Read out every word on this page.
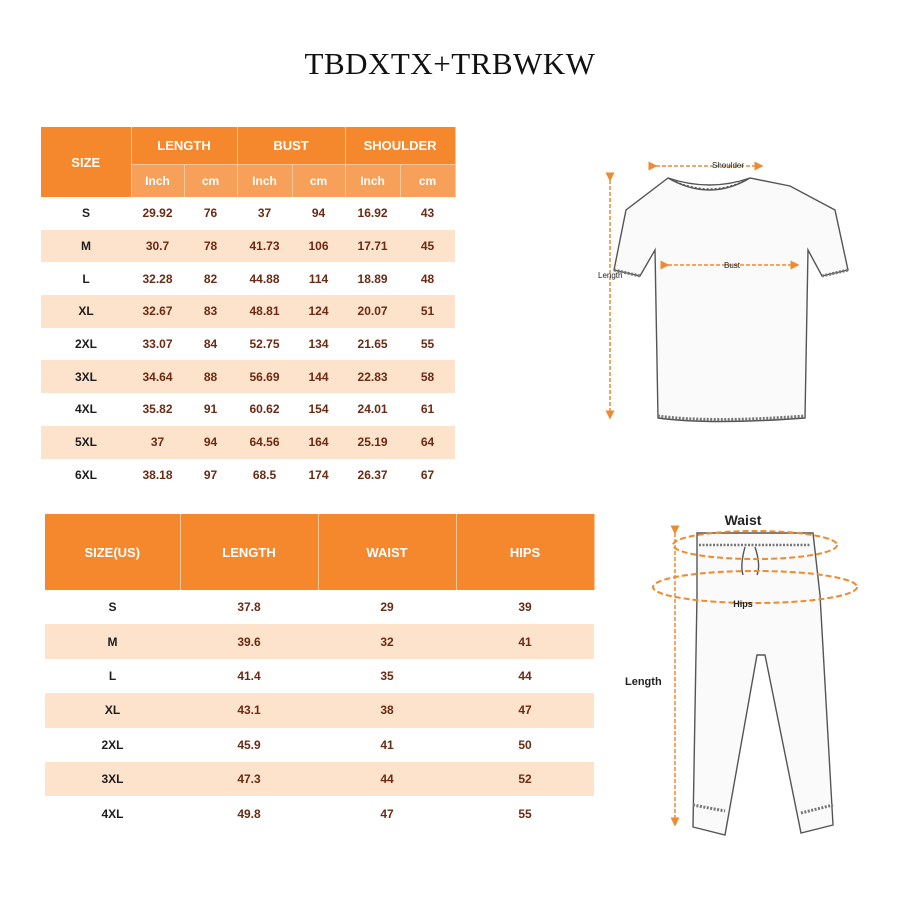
TBDXTX+TRBWKW
SIZE	LENGTH		BUST		SHOULDER	
	Inch	cm	Inch	cm	Inch	cm
S	29.92	76	37	94	16.92	43
M	30.7	78	41.73	106	17.71	45
L	32.28	82	44.88	114	18.89	48
XL	32.67	83	48.81	124	20.07	51
2XL	33.07	84	52.75	134	21.65	55
3XL	34.64	88	56.69	144	22.83	58
4XL	35.82	91	60.62	154	24.01	61
5XL	37	94	64.56	164	25.19	64
6XL	38.18	97	68.5	174	26.37	67
SIZE(US)	LENGTH	WAIST	HIPS
S	37.8	29	39
M	39.6	32	41
L	41.4	35	44
XL	43.1	38	47
2XL	45.9	41	50
3XL	47.3	44	52
4XL	49.8	47	55
Shoulder
Bust
Length
Waist
Hips
Length
